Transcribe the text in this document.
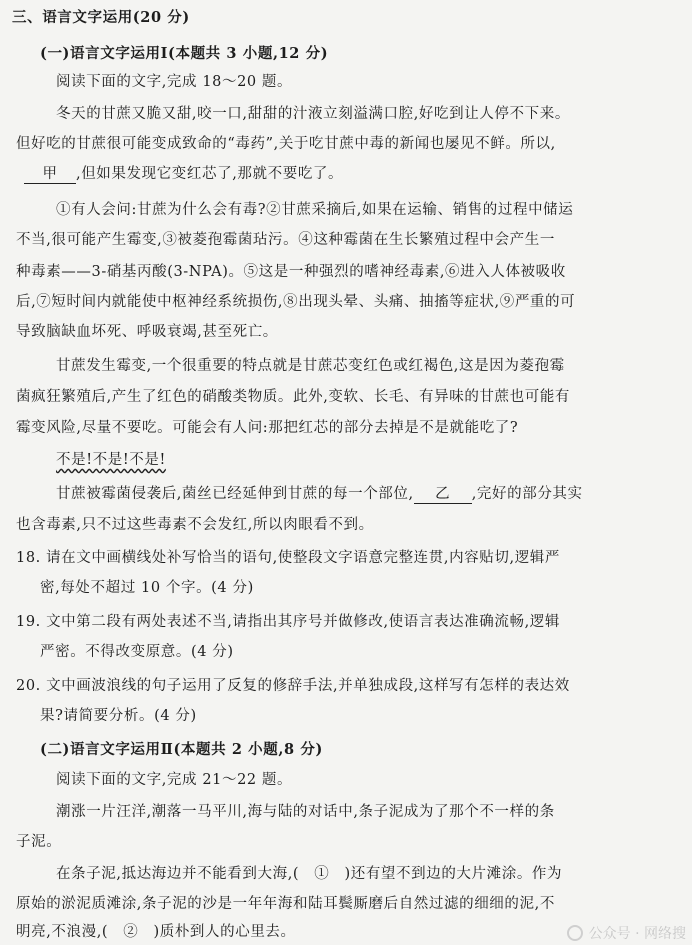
三、语言文字运用(20 分)
(一)语言文字运用Ⅰ(本题共 3 小题,12 分)
阅读下面的文字,完成 18～20 题。
冬天的甘蔗又脆又甜,咬一口,甜甜的汁液立刻溢满口腔,好吃到让人停不下来。
但好吃的甘蔗很可能变成致命的“毒药”,关于吃甘蔗中毒的新闻也屡见不鲜。所以,
甲 ,但如果发现它变红芯了,那就不要吃了。
①有人会问:甘蔗为什么会有毒?②甘蔗采摘后,如果在运输、销售的过程中储运
不当,很可能产生霉变,③被菱孢霉菌玷污。④这种霉菌在生长繁殖过程中会产生一
种毒素——3-硝基丙酸(3-NPA)。⑤这是一种强烈的嗜神经毒素,⑥进入人体被吸收
后,⑦短时间内就能使中枢神经系统损伤,⑧出现头晕、头痛、抽搐等症状,⑨严重的可
导致脑缺血坏死、呼吸衰竭,甚至死亡。
甘蔗发生霉变,一个很重要的特点就是甘蔗芯变红色或红褐色,这是因为菱孢霉
菌疯狂繁殖后,产生了红色的硝酸类物质。此外,变软、长毛、有异味的甘蔗也可能有
霉变风险,尽量不要吃。可能会有人问:那把红芯的部分去掉是不是就能吃了?
不是!不是!不是!
甘蔗被霉菌侵袭后,菌丝已经延伸到甘蔗的每一个部位, 乙 ,完好的部分其实
也含毒素,只不过这些毒素不会发红,所以肉眼看不到。
18. 请在文中画横线处补写恰当的语句,使整段文字语意完整连贯,内容贴切,逻辑严
密,每处不超过 10 个字。(4 分)
19. 文中第二段有两处表述不当,请指出其序号并做修改,使语言表达准确流畅,逻辑
严密。不得改变原意。(4 分)
20. 文中画波浪线的句子运用了反复的修辞手法,并单独成段,这样写有怎样的表达效
果?请简要分析。(4 分)
(二)语言文字运用Ⅱ(本题共 2 小题,8 分)
阅读下面的文字,完成 21～22 题。
潮涨一片汪洋,潮落一马平川,海与陆的对话中,条子泥成为了那个不一样的条
子泥。
在条子泥,抵达海边并不能看到大海,(　①　)还有望不到边的大片滩涂。作为
原始的淤泥质滩涂,条子泥的沙是一年年海和陆耳鬓厮磨后自然过滤的细细的泥,不
明亮,不浪漫,(　②　)质朴到人的心里去。	公众号 · 网络搜
